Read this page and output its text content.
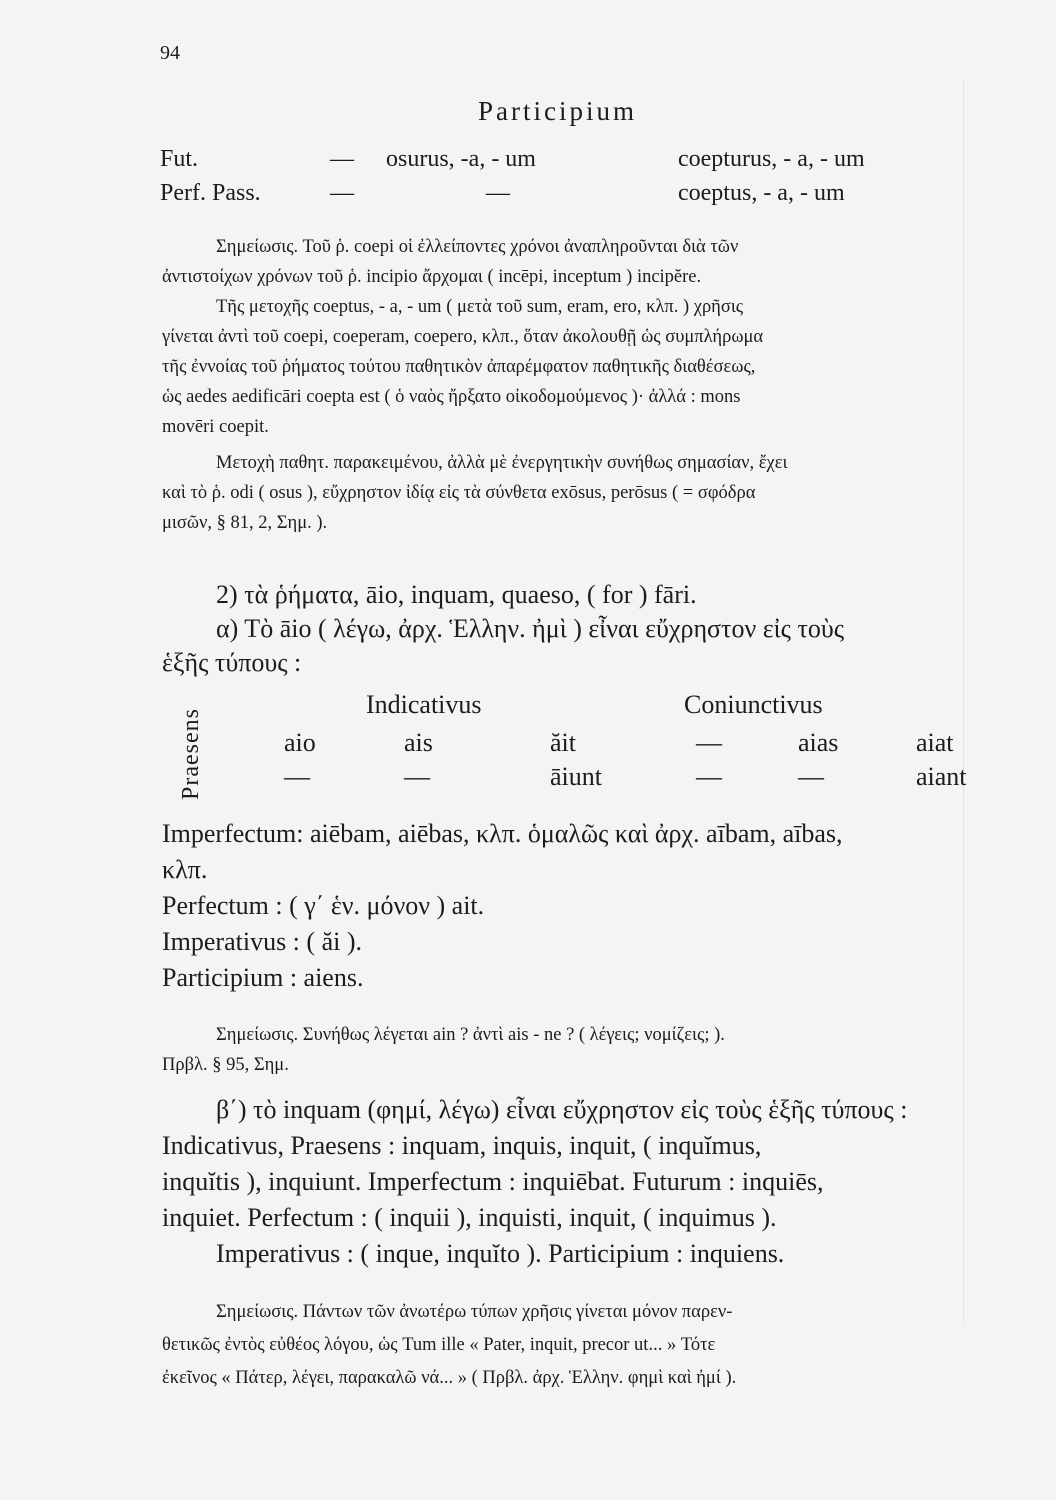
94
Participium
Fut.	— osurus, -a, - um	coepturus, - a, - um
Perf. Pass.	—	—	coeptus, - a, - um
Σημείωσις. Τοῦ ῥ. coepi οἱ ἐλλείποντες χρόνοι ἀναπληροῦνται διὰ τῶν
ἀντιστοίχων χρόνων τοῦ ῥ. incipio ἄρχομαι ( incēpi, inceptum ) incipĕre.
Τῆς μετοχῆς coeptus, - a, - um ( μετὰ τοῦ sum, eram, ero, κλπ. ) χρῆσις
γίνεται ἀντὶ τοῦ coepi, coeperam, coepero, κλπ., ὅταν ἀκολουθῇ ὡς συμπλήρωμα
τῆς ἐννοίας τοῦ ῥήματος τούτου παθητικὸν ἀπαρέμφατον παθητικῆς διαθέσεως,
ὡς aedes aedificāri coepta est ( ὁ ναὸς ἤρξατο οἰκοδομούμενος )· ἀλλά : mons
movēri coepit.
Μετοχὴ παθητ. παρακειμένου, ἀλλὰ μὲ ἐνεργητικὴν συνήθως σημασίαν, ἔχει
καὶ τὸ ῥ. odi ( osus ), εὔχρηστον ἰδίᾳ εἰς τὰ σύνθετα exōsus, perōsus ( = σφόδρα
μισῶν, § 81, 2, Σημ. ).
2) τὰ ῥήματα, āio, inquam, quaeso, ( for ) fāri.
α) Τὸ āio ( λέγω, ἀρχ. Ἑλλην. ἠμὶ ) εἶναι εὔχρηστον εἰς τοὺς
ἑξῆς τύπους :
Praesens
Indicativus	Coniunctivus
aio	ais	ăit	—	aias	aiat
—	—	āiunt	—	—	aiant
Imperfectum: aiēbam, aiēbas, κλπ. ὁμαλῶς καὶ ἀρχ. aībam, aības,
κλπ.
Perfectum : ( γ΄ ἑν. μόνον ) ait.
Imperativus : ( ăi ).
Participium : aiens.
Σημείωσις. Συνήθως λέγεται ain ? ἀντὶ ais - ne ? ( λέγεις; νομίζεις; ).
Πρβλ. § 95, Σημ.
β΄) τὸ inquam (φημί, λέγω) εἶναι εὔχρηστον εἰς τοὺς ἑξῆς τύπους :
Indicativus, Praesens : inquam, inquis, inquit, ( inquĭmus,
inquĭtis ), inquiunt. Imperfectum : inquiēbat. Futurum : inquiēs,
inquiet. Perfectum : ( inquii ), inquisti, inquit, ( inquimus ).
Imperativus : ( inque, inquĭto ). Participium : inquiens.
Σημείωσις. Πάντων τῶν ἀνωτέρω τύπων χρῆσις γίνεται μόνον παρεν-
θετικῶς ἐντὸς εὐθέος λόγου, ὡς Tum ille « Pater, inquit, precor ut... » Τότε
ἐκεῖνος « Πάτερ, λέγει, παρακαλῶ νά... » ( Πρβλ. ἀρχ. Ἑλλην. φημὶ καὶ ἠμί ).
